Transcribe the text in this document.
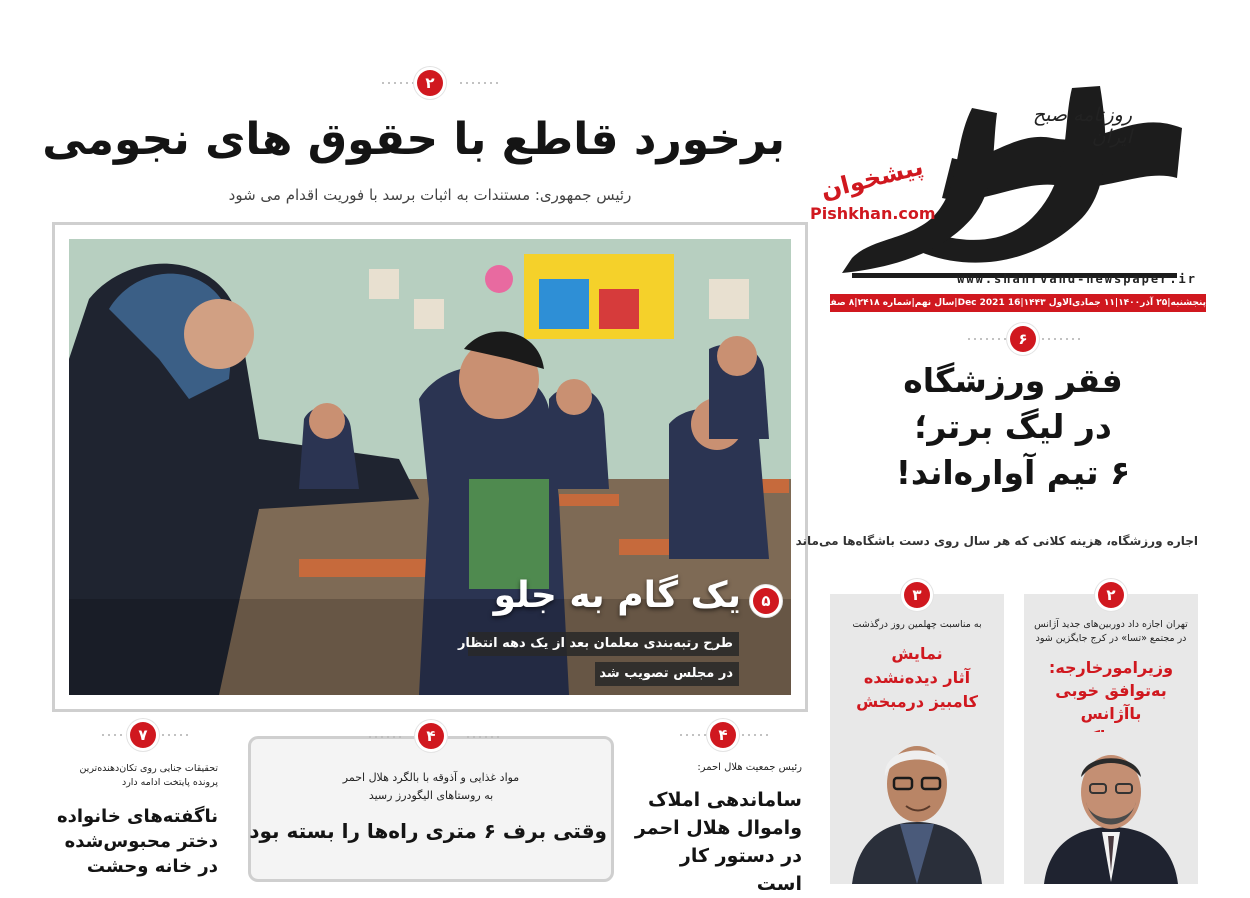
روزنامه صبح ایران
پیشخوان
Pishkhan.com
www.shahrvand-newspaper.ir
پنجشنبه|۲۵ آذر۱۴۰۰|۱۱ جمادی‌الاول ۱۴۴۳|16 Dec 2021|سال نهم|شماره ۲۴۱۸|۸ صفحه
۲
برخورد قاطع با حقوق های نجومی
رئیس جمهوری: مستندات به اثبات برسد با فوریت اقدام می شود
۵
یک گام به جلو
طرح رتبه‌بندی معلمان بعد از یک دهه انتظار
در مجلس تصویب شد
۶
فقر ورزشگاه
در لیگ برتر؛
۶ تیم آواره‌اند!
اجاره ورزشگاه، هزینه کلانی که هر سال روی دست باشگاه‌ها می‌ماند
۲
تهران اجازه داد دوربین‌های جدید آژانس
در مجتمع «تسا» در کرج جایگزین شود
وزیرامورخارجه:
به‌توافق خوبی باآژانس
۳
به مناسبت چهلمین روز درگذشت
نمایش
آثار دیده‌نشده
کامبیز درمبخش
۴
رئیس جمعیت هلال احمر:
ساماندهی املاک
واموال هلال احمر
در دستور کار است
۴
مواد غذایی و آذوقه با بالگرد هلال احمر
به روستاهای الیگودرز رسید
وقتی برف ۶ متری راه‌ها را بسته بود
۷
تحقیقات جنایی روی تکان‌دهنده‌ترین
پرونده پایتخت ادامه دارد
ناگفته‌های خانواده
دختر محبوس‌شده
در خانه وحشت
